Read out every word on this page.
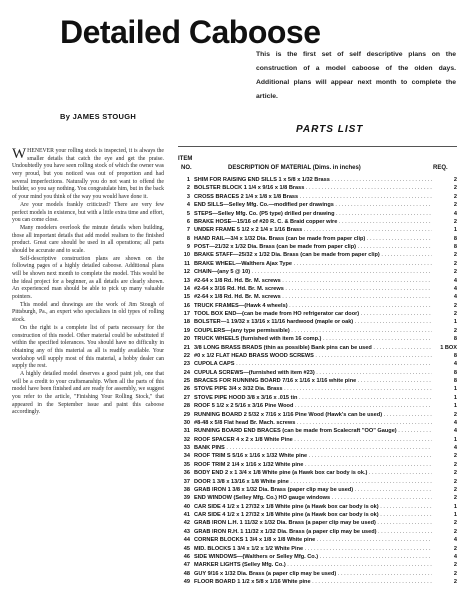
Detailed Caboose
This is the first set of self descriptive plans on the construction of a model caboose of the olden days. Additional plans will appear next month to complete the article.
By JAMES STOUGH
PARTS LIST
ITEM
NO.	DESCRIPTION OF MATERIAL (Dims. in inches)	REQ.

WHENEVER your rolling stock is inspected, it is always the smaller details that catch the eye and get the praise. Undoubtedly you have seen rolling stock of which the owner was very proud, but you noticed was out of proportion and had several imperfections. Naturally you do not want to offend the builder, so you say nothing. You congratulate him, but in the back of your mind you think of the way you would have done it.

Are your models frankly criticized? There are very few perfect models in existence, but with a little extra time and effort, you can come close.

Many modelers overlook the minute details when building, those all important details that add model realism to the finished product. Great care should be used in all operations; all parts should be accurate and to scale.

Self-descriptive construction plans are shown on the following pages of a highly detailed caboose. Additional plans will be shown next month to complete the model. This would be the ideal project for a beginner, as all details are clearly shown. An experienced man should be able to pick up many valuable pointers.

This model and drawings are the work of Jim Stough of Pittsburgh, Pa., an expert who specializes in old types of rolling stock.

On the right is a complete list of parts necessary for the construction of this model. Other material could be substituted if within the specified tolerances. You should have no difficulty in obtaining any of this material as all is readily available. Your workshop will supply most of this material, a hobby dealer can supply the rest.

A highly detailed model deserves a good paint job, one that will be a credit to your craftsmanship. When all the parts of this model have been finished and are ready for assembly, we suggest you refer to the article, "Finishing Your Rolling Stock," that appeared in the September issue and paint this caboose accordingly.

1 SHIM FOR RAISING END SILLS 1 x 5/8 x 1/32 Brass . . .	2
2 BOLSTER BLOCK 1 1/4 x 9/16 x 1/8 Brass . . .	2
3 CROSS BRACES 2 1/4 x 1/8 x 1/8 Brass . . .	2
4 END SILLS—Selley Mfg. Co.—modified per drawings . . .	2
5 STEPS—Selley Mfg. Co. (P5 type) drilled per drawing . . .	4
6 BRAKE HOSE—15/16 of #20 R. C. & Braid copper wire . . .	2
7 UNDER FRAME 5 1/2 x 2 1/4 x 1/16 Brass . . .	1
8 HAND RAIL—3/4 x 1/32 Dia. Brass (can be made from paper clip) . . .	8
9 POST—21/32 x 1/32 Dia. Brass (can be made from paper clip) . . .	8
10 BRAKE STAFF—25/32 x 1/32 Dia. Brass (can be made from paper clip) . . .	2
11 BRAKE WHEEL—Walthers Ajax Type . . .	2
12 CHAIN—(any 5 @ 10) . . .	2
13 #2-64 x 1/8 Rd. Hd. Br. M. screws . . .	4
14 #2-64 x 3/16 Rd. Hd. Br. M. screws . . .	4
15 #2-64 x 1/8 Rd. Hd. Br. M. screws . . .	4
16 TRUCK FRAMES—(Hawk 4 wheels) . . .	2
17 TOOL BOX END—(can be made from HO refrigerator car door) . . .	2
18 BOLSTER—1 19/32 x 13/16 x 11/16 hardwood (maple or oak) . . .	1
19 COUPLERS—(any type permissible) . . .	2
20 TRUCK WHEELS (furnished with item 16 comp.) . . .	8
21 3/8 LONG BRASS BRADS (thin as possible) Bank pins can be used . . .	1 BOX
22 #0 x 1/2 FLAT HEAD BRASS WOOD SCREWS . . .	8
23 CUPOLA CAPS . . .	4
24 CUPULA SCREWS—(furnished with item #23) . . .	8
25 BRACES FOR RUNNING BOARD 7/16 x 1/16 x 1/16 white pine . . .	8
26 STOVE PIPE 3/4 x 3/32 Dia. Brass . . .	1
27 STOVE PIPE HOOD 3/8 x 3/16 x .015 tin . . .	1
28 ROOF 5 1/2 x 2 5/16 x 3/16 Pine Wood . . .	1
29 RUNNING BOARD 2 5/32 x 7/16 x 1/16 Pine Wood (Hawk's can be used) . . .	2
30 #8-48 x 5/8 Flat head Br. Mach. screws . . .	4
31 RUNNING BOARD END BRACES (can be made from Scalecraft "OO" Gauge) . . .	4
32 ROOF SPACER 4 x 2 x 1/8 White Pine . . .	1
33 BANK PINS . . .	4
34 ROOF TRIM S 5/16 x 1/16 x 1/32 White pine . . .	2
35 ROOF TRIM 2 1/4 x 1/16 x 1/32 White pine . . .	2
36 BODY END 2 x 1 3/4 x 1/8 White pine (a Hawk box car body is ok.) . . .	2
37 DOOR 1 3/8 x 13/16 x 1/8 White pine . . .	2
38 GRAB IRON 1 3/8 x 1/32 Dia. Brass (paper clip may be used) . . .	2
39 END WINDOW (Selley Mfg. Co.) HO gauge windows . . .	2
40 CAR SIDE 4 1/2 x 1 27/32 x 1/8 White pine (a Hawk box car body is ok) . . .	1
41 CAR SIDE 4 1/2 x 1 27/32 x 1/8 White pine (a Hawk box car body is ok) . . .	1
42 GRAB IRON L.H. 1 11/32 x 1/32 Dia. Brass (a paper clip may be used) . . .	2
43 GRAB IRON R.H. 1 11/32 x 1/32 Dia. Brass (a paper clip may be used) . . .	2
44 CORNER BLOCKS 1 3/4 x 1/8 x 1/8 White pine . . .	4
45 MID. BLOCKS 1 3/4 x 1/2 x 1/2 White Pine . . .	2
46 SIDE WINDOWS—(Walthers or Selley Mfg. Co.) . . .	4
47 MARKER LIGHTS (Selley Mfg. Co.) . . .	2
48 GUY 9/16 x 1/32 Dia. Brass (a paper clip may be used) . . .	2
49 FLOOR BOARD 1 1/2 x 5/8 x 1/16 White pine . . .	2
